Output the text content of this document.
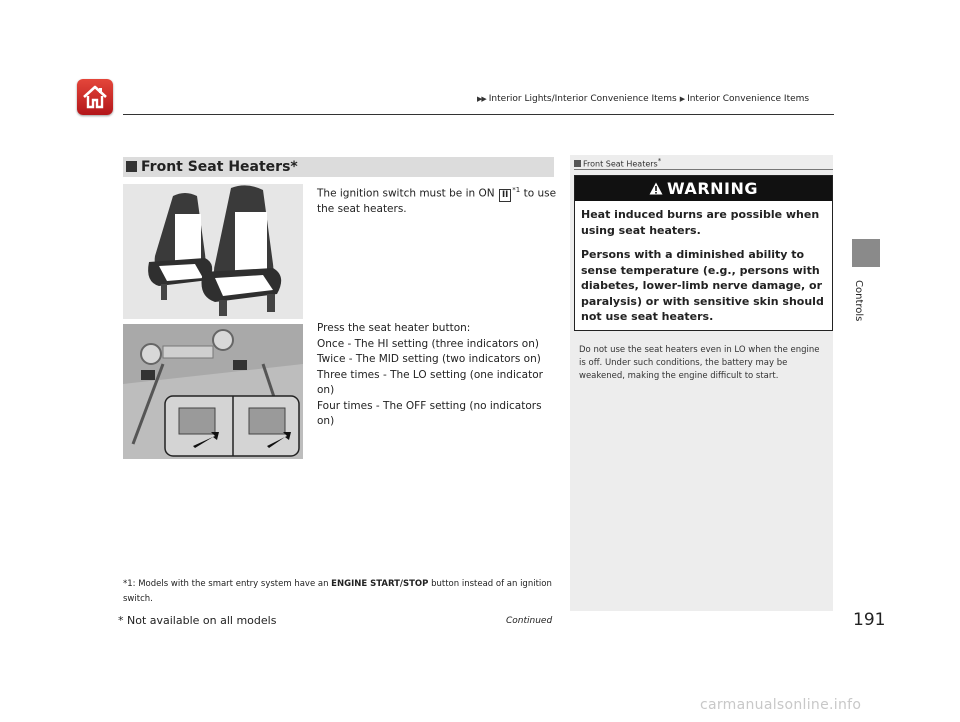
▶▶ Interior Lights/Interior Convenience Items ▶ Interior Convenience Items
Controls
Front Seat Heaters*
The ignition switch must be in ON II $^{*1}$ to use the seat heaters.
Press the seat heater button:
Once - The HI setting (three indicators on)
Twice - The MID setting (two indicators on)
Three times - The LO setting (one indicator on)
Four times - The OFF setting (no indicators on)
*1: Models with the smart entry system have an ENGINE START/STOP button instead of an ignition switch.
Front Seat Heaters*
WARNING

Heat induced burns are possible when using seat heaters.

Persons with a diminished ability to sense temperature (e.g., persons with diabetes, lower-limb nerve damage, or paralysis) or with sensitive skin should not use seat heaters.

Do not use the seat heaters even in LO when the engine is off. Under such conditions, the battery may be weakened, making the engine difficult to start.
Continued
* Not available on all models	191
carmanualsonline.info
